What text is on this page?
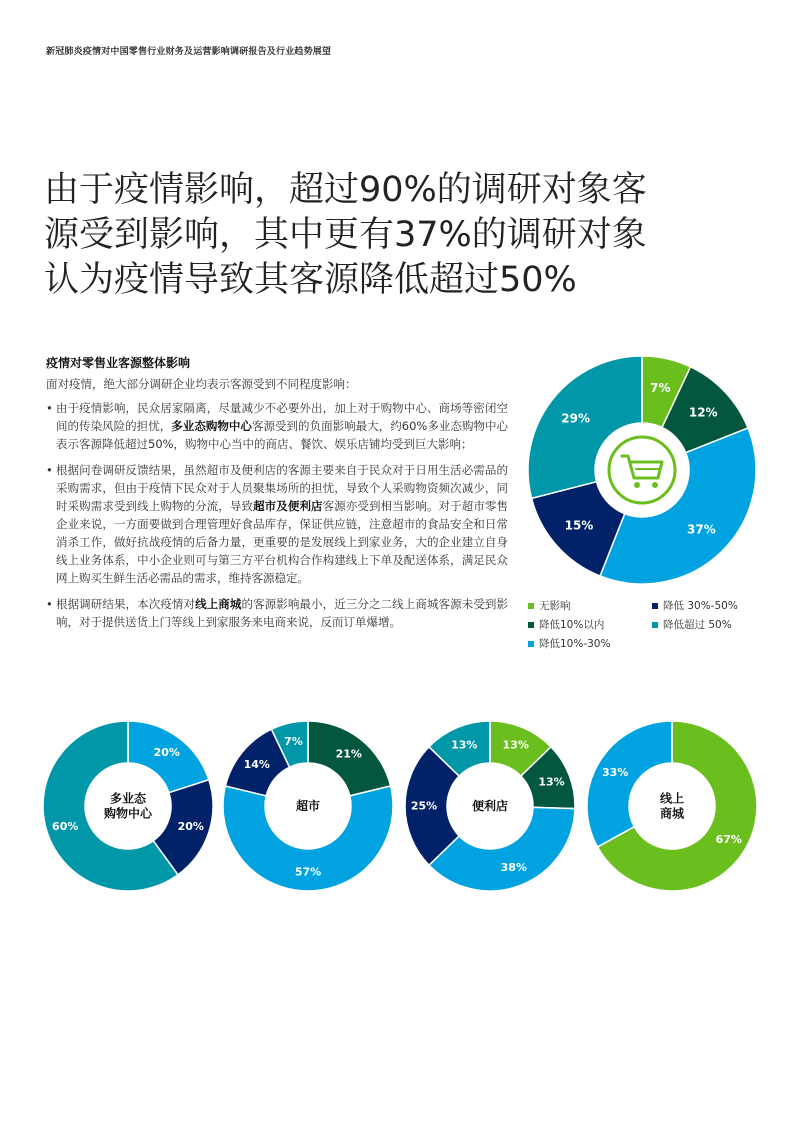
新冠肺炎疫情对中国零售行业财务及运营影响调研报告及行业趋势展望
由于疫情影响，超过90%的调研对象客
源受到影响，其中更有37%的调研对象
认为疫情导致其客源降低超过50%
疫情对零售业客源整体影响
面对疫情，绝大部分调研企业均表示客源受到不同程度影响：
• 由于疫情影响，民众居家隔离，尽量减少不必要外出，加上对于购物中心、商场等密闭空间的传染风险的担忧，多业态购物中心客源受到的负面影响最大，约60%多业态购物中心表示客源降低超过50%，购物中心当中的商店、餐饮、娱乐店铺均受到巨大影响；
• 根据问卷调研反馈结果，虽然超市及便利店的客源主要来自于民众对于日用生活必需品的采购需求，但由于疫情下民众对于人员聚集场所的担忧，导致个人采购物资频次减少，同时采购需求受到线上购物的分流，导致超市及便利店客源亦受到相当影响。对于超市零售企业来说，一方面要做到合理管理好食品库存，保证供应链，注意超市的食品安全和日常消杀工作，做好抗战疫情的后备力量，更重要的是发展线上到家业务，大的企业建立自身线上业务体系，中小企业则可与第三方平台机构合作构建线上下单及配送体系，满足民众网上购买生鲜生活必需品的需求，维持客源稳定。
• 根据调研结果，本次疫情对线上商城的客源影响最小，近三分之二线上商城客源未受到影响，对于提供送货上门等线上到家服务来电商来说，反而订单爆增。
7%
12%
37%
15%
29%
无影响	降低 30%-50%
降低10%以内	降低超过 50%
降低10%-30%
20%
20%
60%
多业态
购物中心
21%
57%
14%
7%
超市
13%
13%
38%
25%
13%
便利店
67%
33%
线上
商城
